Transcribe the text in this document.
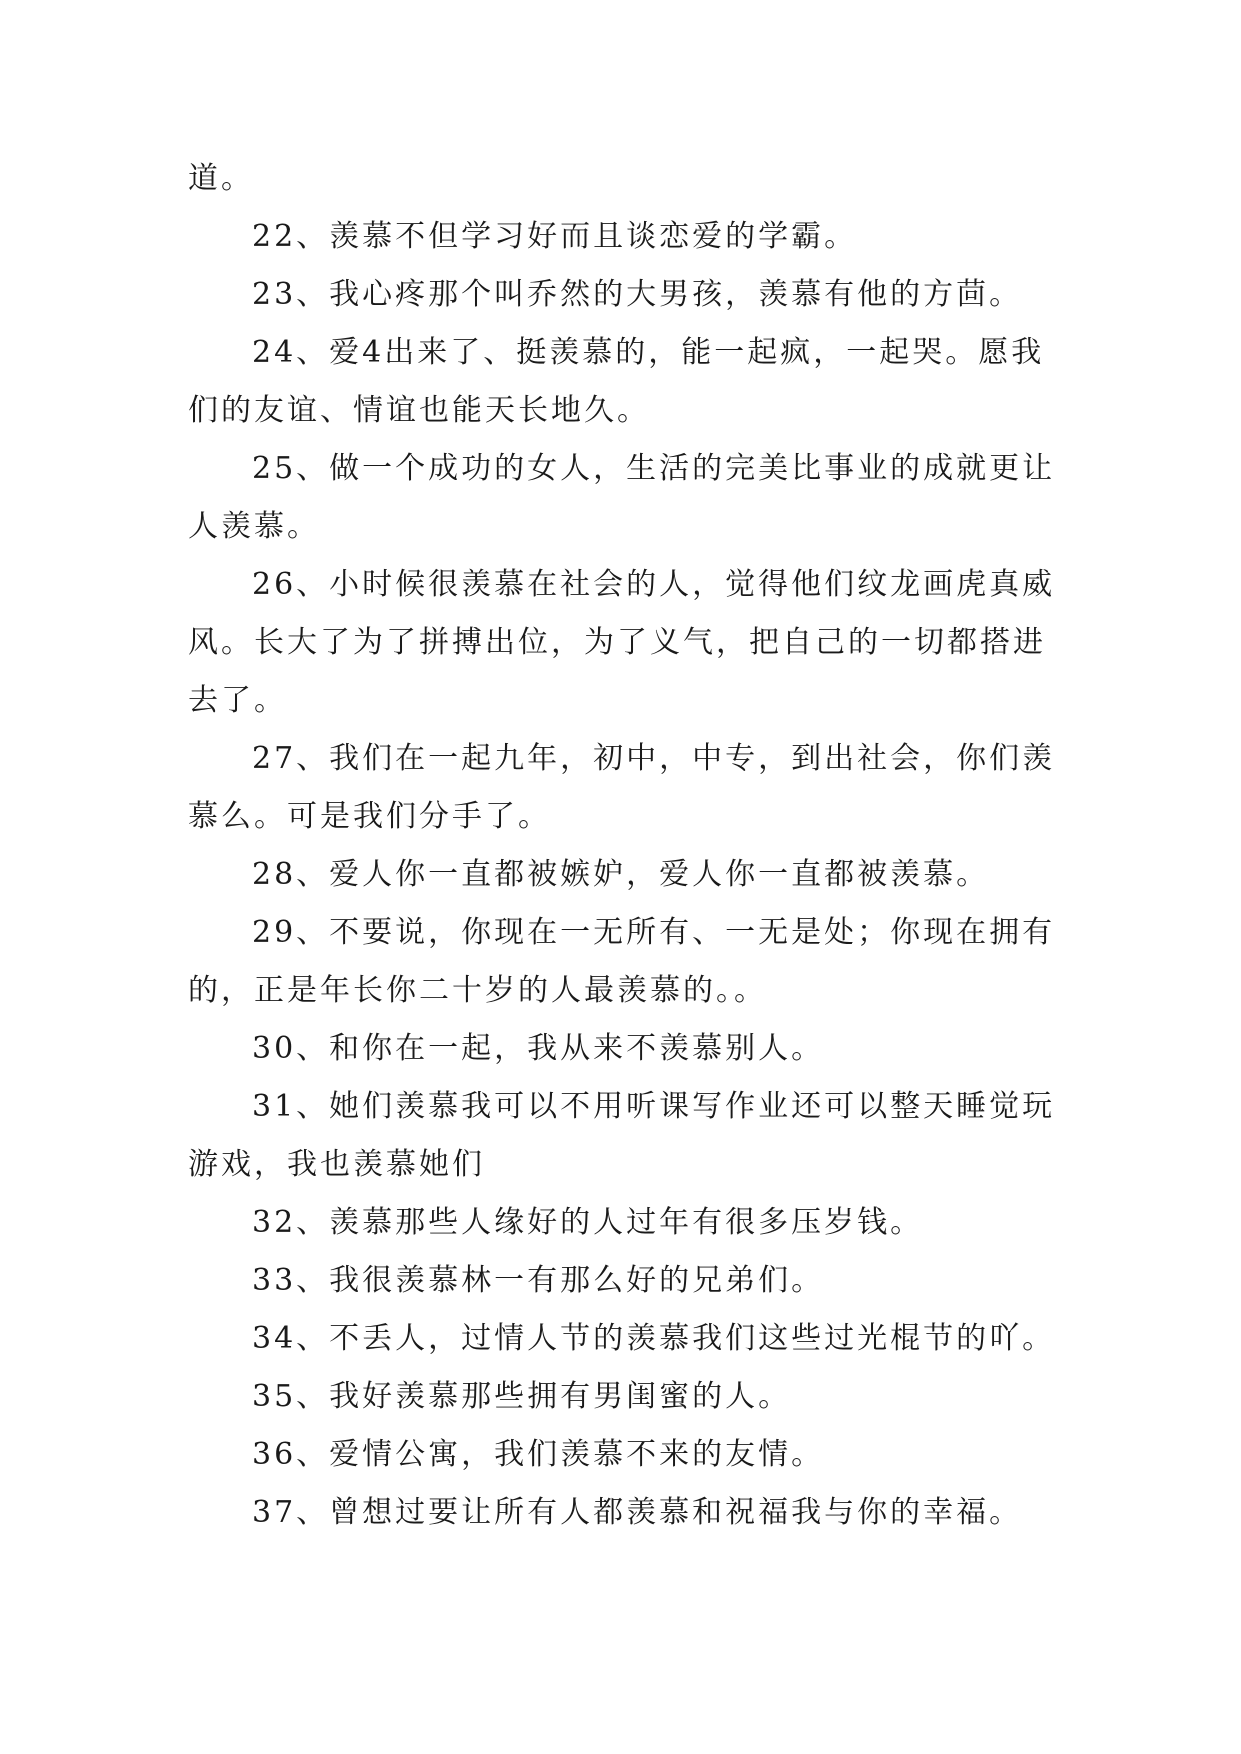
道。
22、羡慕不但学习好而且谈恋爱的学霸。
23、我心疼那个叫乔然的大男孩，羡慕有他的方茴。
24、爱4出来了、挺羡慕的，能一起疯，一起哭。愿我
们的友谊、情谊也能天长地久。
25、做一个成功的女人，生活的完美比事业的成就更让
人羡慕。
26、小时候很羡慕在社会的人，觉得他们纹龙画虎真威
风。长大了为了拼搏出位，为了义气，把自己的一切都搭进
去了。
27、我们在一起九年，初中，中专，到出社会，你们羡
慕么。可是我们分手了。
28、爱人你一直都被嫉妒，爱人你一直都被羡慕。
29、不要说，你现在一无所有、一无是处；你现在拥有
的，正是年长你二十岁的人最羡慕的。。
30、和你在一起，我从来不羡慕别人。
31、她们羡慕我可以不用听课写作业还可以整天睡觉玩
游戏，我也羡慕她们
32、羡慕那些人缘好的人过年有很多压岁钱。
33、我很羡慕林一有那么好的兄弟们。
34、不丢人，过情人节的羡慕我们这些过光棍节的吖。
35、我好羡慕那些拥有男闺蜜的人。
36、爱情公寓，我们羡慕不来的友情。
37、曾想过要让所有人都羡慕和祝福我与你的幸福。
